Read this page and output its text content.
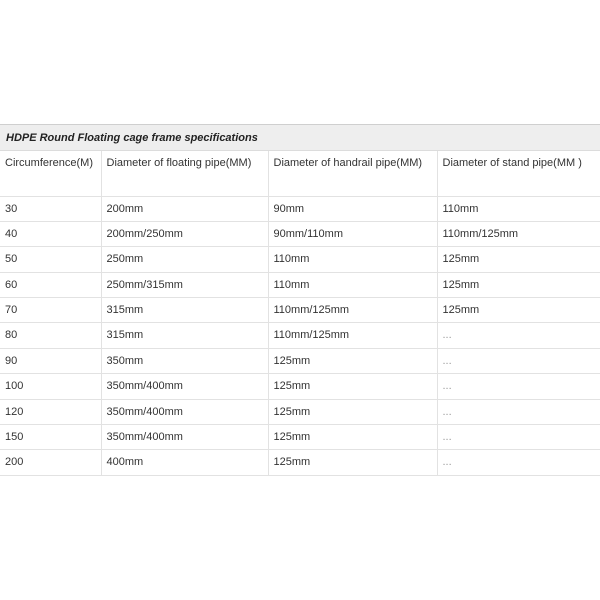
HDPE Round Floating cage frame specifications
Circumference(M)	Diameter of floating pipe(MM)	Diameter of handrail pipe(MM)	Diameter of stand pipe(MM )
30	200mm	90mm	110mm
40	200mm/250mm	90mm/110mm	110mm/125mm
50	250mm	110mm	125mm
60	250mm/315mm	110mm	125mm
70	315mm	110mm/125mm	125mm
80	315mm	110mm/125mm	...
90	350mm	125mm	...
100	350mm/400mm	125mm	...
120	350mm/400mm	125mm	...
150	350mm/400mm	125mm	...
200	400mm	125mm	...
